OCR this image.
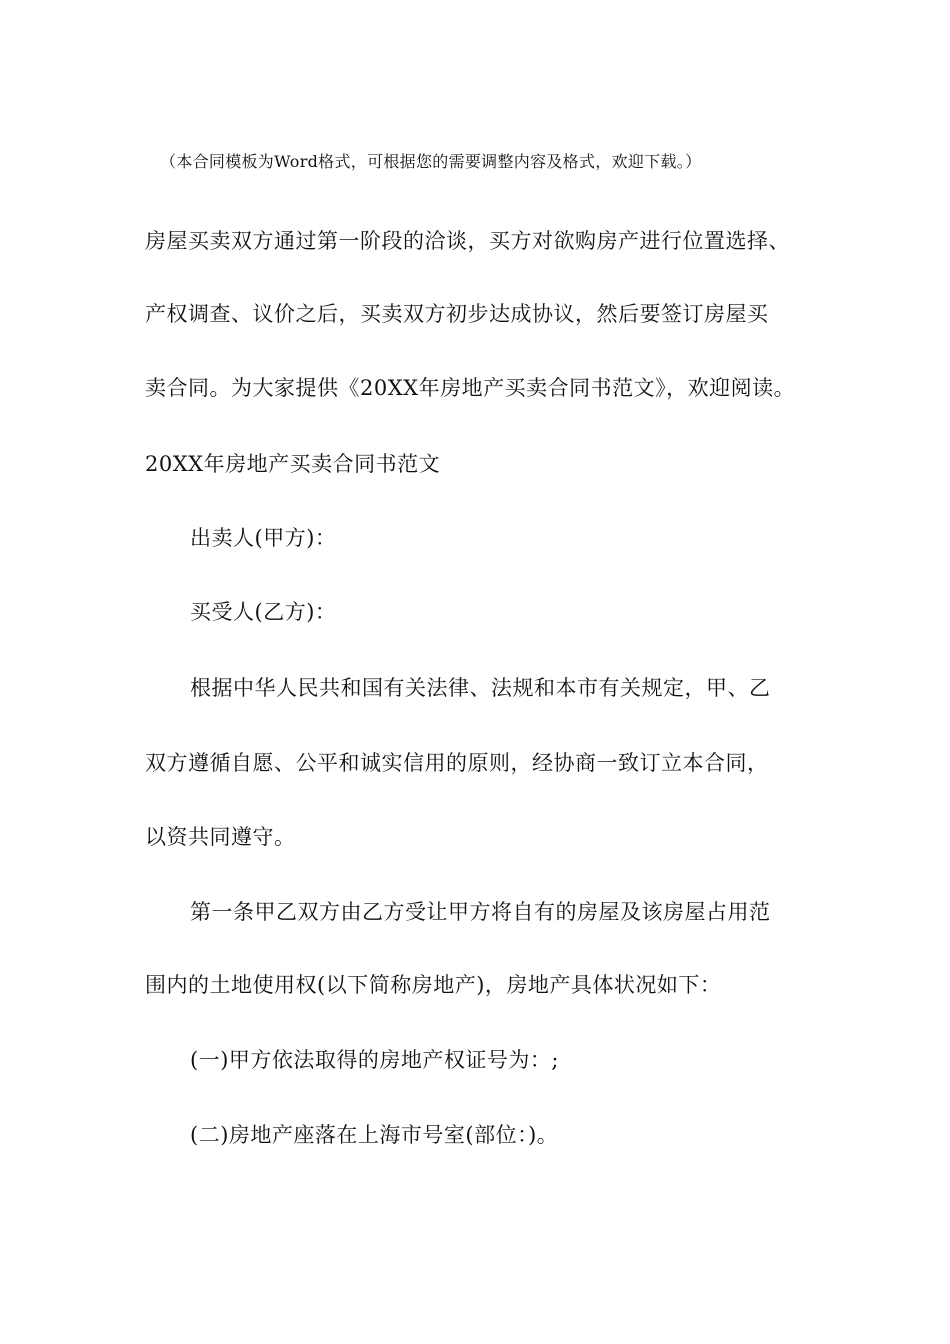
（本合同模板为Word格式，可根据您的需要调整内容及格式，欢迎下载。）
房屋买卖双方通过第一阶段的洽谈，买方对欲购房产进行位置选择、
产权调查、议价之后，买卖双方初步达成协议，然后要签订房屋买
卖合同。为大家提供《20XX年房地产买卖合同书范文》，欢迎阅读。
20XX年房地产买卖合同书范文
出卖人(甲方)：
买受人(乙方)：
根据中华人民共和国有关法律、法规和本市有关规定，甲、乙
双方遵循自愿、公平和诚实信用的原则，经协商一致订立本合同，
以资共同遵守。
第一条甲乙双方由乙方受让甲方将自有的房屋及该房屋占用范
围内的土地使用权(以下简称房地产)，房地产具体状况如下：
(一)甲方依法取得的房地产权证号为：;
(二)房地产座落在上海市号室(部位：)。
